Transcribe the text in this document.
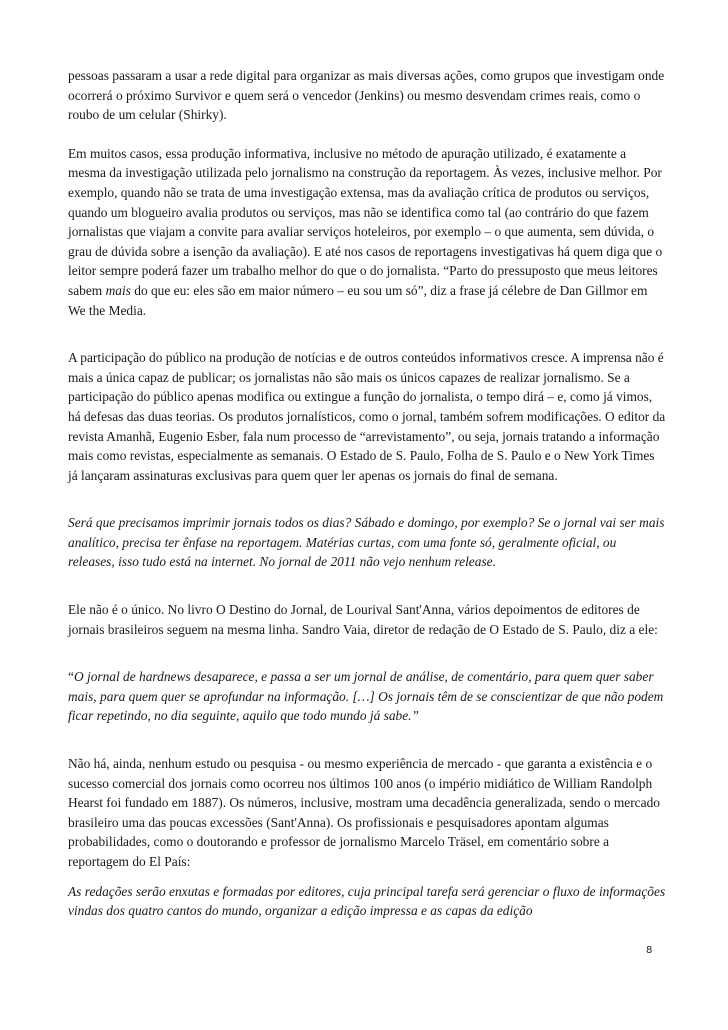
pessoas passaram a usar a rede digital para organizar as mais diversas ações, como grupos que investigam onde ocorrerá o próximo Survivor e quem será o vencedor (Jenkins) ou mesmo desvendam crimes reais, como o roubo de um celular (Shirky).

Em muitos casos, essa produção informativa, inclusive no método de apuração utilizado, é exatamente a mesma da investigação utilizada pelo jornalismo na construção da reportagem. Às vezes, inclusive melhor. Por exemplo, quando não se trata de uma investigação extensa, mas da avaliação crítica de produtos ou serviços, quando um blogueiro avalia produtos ou serviços, mas não se identifica como tal (ao contrário do que fazem jornalistas que viajam a convite para avaliar serviços hoteleiros, por exemplo – o que aumenta, sem dúvida, o grau de dúvida sobre a isenção da avaliação). E até nos casos de reportagens investigativas há quem diga que o leitor sempre poderá fazer um trabalho melhor do que o do jornalista. “Parto do pressuposto que meus leitores sabem mais do que eu: eles são em maior número – eu sou um só”, diz a frase já célebre de Dan Gillmor em We the Media.

A participação do público na produção de notícias e de outros conteúdos informativos cresce. A imprensa não é mais a única capaz de publicar; os jornalistas não são mais os únicos capazes de realizar jornalismo. Se a participação do público apenas modifica ou extingue a função do jornalista, o tempo dirá – e, como já vimos, há defesas das duas teorias. Os produtos jornalísticos, como o jornal, também sofrem modificações. O editor da revista Amanhã, Eugenio Esber, fala num processo de “arrevistamento”, ou seja, jornais tratando a informação mais como revistas, especialmente as semanais. O Estado de S. Paulo, Folha de S. Paulo e o New York Times já lançaram assinaturas exclusivas para quem quer ler apenas os jornais do final de semana.

Será que precisamos imprimir jornais todos os dias? Sábado e domingo, por exemplo? Se o jornal vai ser mais analítico, precisa ter ênfase na reportagem. Matérias curtas, com uma fonte só, geralmente oficial, ou releases, isso tudo está na internet. No jornal de 2011 não vejo nenhum release.

Ele não é o único. No livro O Destino do Jornal, de Lourival Sant'Anna, vários depoimentos de editores de jornais brasileiros seguem na mesma linha. Sandro Vaia, diretor de redação de O Estado de S. Paulo, diz a ele:

“O jornal de hardnews desaparece, e passa a ser um jornal de análise, de comentário, para quem quer saber mais, para quem quer se aprofundar na informação. […] Os jornais têm de se conscientizar de que não podem ficar repetindo, no dia seguinte, aquilo que todo mundo já sabe.”

Não há, ainda, nenhum estudo ou pesquisa - ou mesmo experiência de mercado - que garanta a existência e o sucesso comercial dos jornais como ocorreu nos últimos 100 anos (o império midiático de William Randolph Hearst foi fundado em 1887). Os números, inclusive, mostram uma decadência generalizada, sendo o mercado brasileiro uma das poucas excessões (Sant'Anna). Os profissionais e pesquisadores apontam algumas probabilidades, como o doutorando e professor de jornalismo Marcelo Träsel, em comentário sobre a reportagem do El País:

As redações serão enxutas e formadas por editores, cuja principal tarefa será gerenciar o fluxo de informações vindas dos quatro cantos do mundo, organizar a edição impressa e as capas da edição

8
